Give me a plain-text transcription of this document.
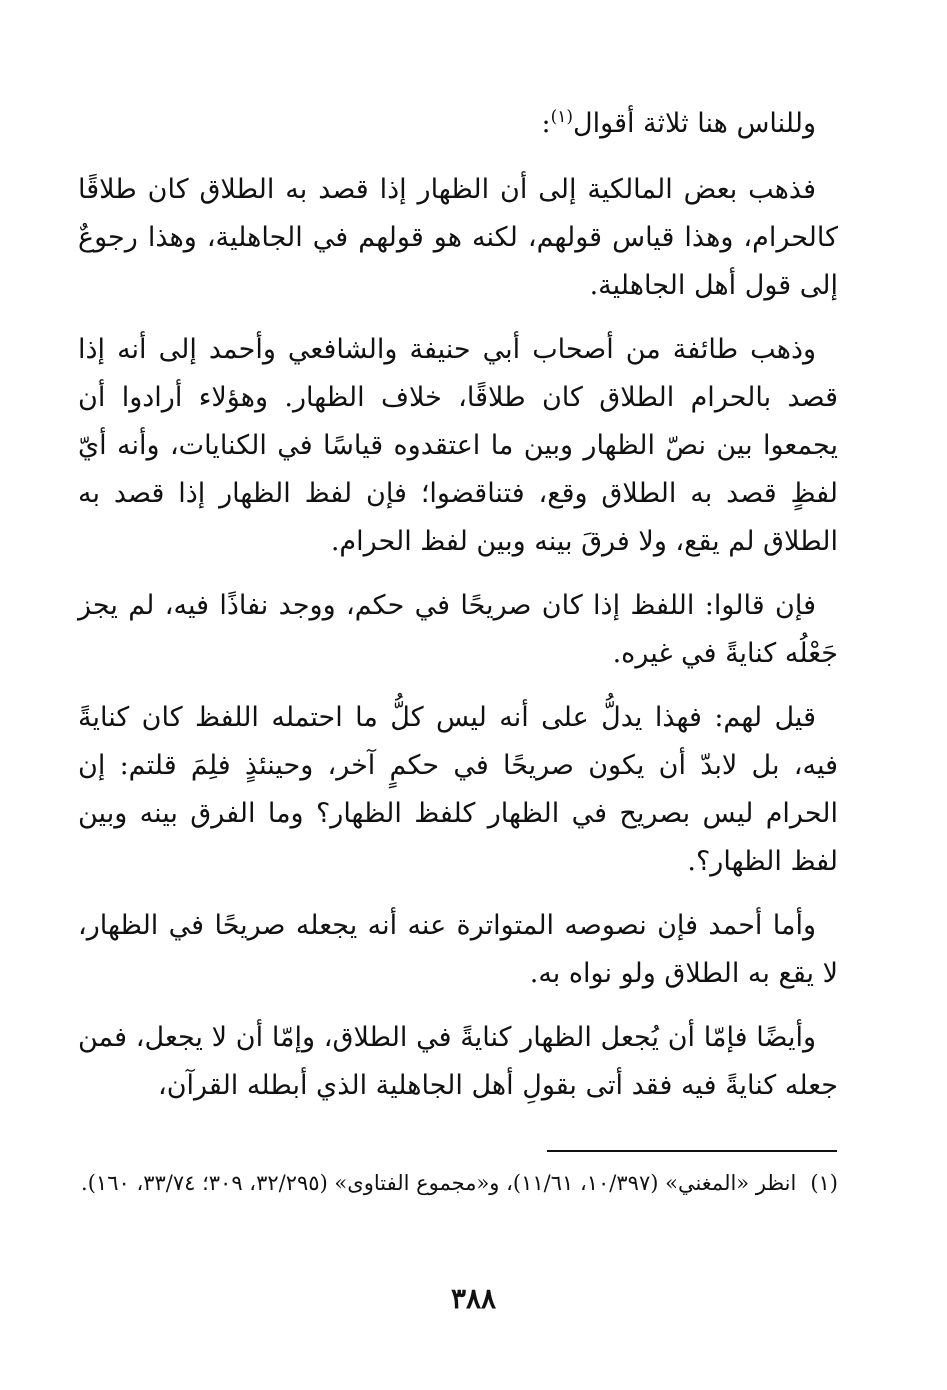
وللناس هنا ثلاثة أقوال$^{(١)}$:

فذهب بعض المالكية إلى أن الظهار إذا قصد به الطلاق كان طلاقًا كالحرام، وهذا قياس قولهم، لكنه هو قولهم في الجاهلية، وهذا رجوعٌ إلى قول أهل الجاهلية.

وذهب طائفة من أصحاب أبي حنيفة والشافعي وأحمد إلى أنه إذا قصد بالحرام الطلاق كان طلاقًا، خلاف الظهار. وهؤلاء أرادوا أن يجمعوا بين نصّ الظهار وبين ما اعتقدوه قياسًا في الكنايات، وأنه أيّ لفظٍ قصد به الطلاق وقع، فتناقضوا؛ فإن لفظ الظهار إذا قصد به الطلاق لم يقع، ولا فرقَ بينه وبين لفظ الحرام.

فإن قالوا: اللفظ إذا كان صريحًا في حكم، ووجد نفاذًا فيه، لم يجز جَعْلُه كنايةً في غيره.

قيل لهم: فهذا يدلُّ على أنه ليس كلُّ ما احتمله اللفظ كان كنايةً فيه، بل لابدّ أن يكون صريحًا في حكمٍ آخر، وحينئذٍ فلِمَ قلتم: إن الحرام ليس بصريح في الظهار كلفظ الظهار؟ وما الفرق بينه وبين لفظ الظهار؟.

وأما أحمد فإن نصوصه المتواترة عنه أنه يجعله صريحًا في الظهار، لا يقع به الطلاق ولو نواه به.

وأيضًا فإمّا أن يُجعل الظهار كنايةً في الطلاق، وإمّا أن لا يجعل، فمن جعله كنايةً فيه فقد أتى بقولِ أهل الجاهلية الذي أبطله القرآن،

(١)انظر «المغني» (١٠/٣٩٧، ١١/٦١)، و«مجموع الفتاوى» (٣٢/٢٩٥، ٣٠٩؛ ٣٣/٧٤، ١٦٠).
٣٨٨
